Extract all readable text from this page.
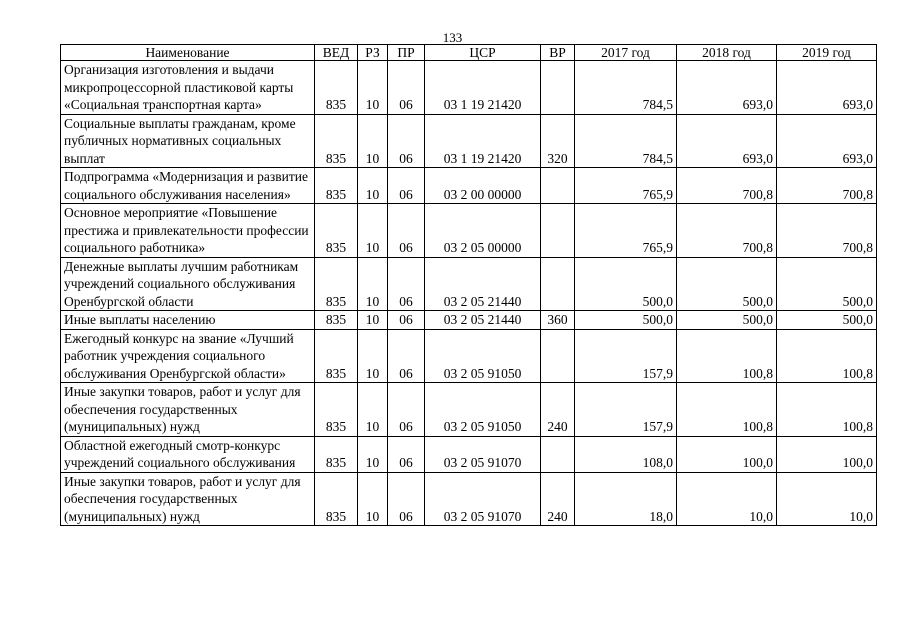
133
Наименование	ВЕД	РЗ	ПР	ЦСР	ВР	2017 год	2018 год	2019 год
Организация изготовления и выдачи микропроцессорной пластиковой карты «Социальная транспортная карта»	835	10	06	03 1 19 21420		784,5	693,0	693,0
Социальные выплаты гражданам, кроме публичных нормативных социальных выплат	835	10	06	03 1 19 21420	320	784,5	693,0	693,0
Подпрограмма «Модернизация и развитие социального обслуживания населения»	835	10	06	03 2 00 00000		765,9	700,8	700,8
Основное мероприятие «Повышение престижа и привлекательности профессии социального работника»	835	10	06	03 2 05 00000		765,9	700,8	700,8
Денежные выплаты лучшим работникам учреждений социального обслуживания Оренбургской области	835	10	06	03 2 05 21440		500,0	500,0	500,0
Иные выплаты населению	835	10	06	03 2 05 21440	360	500,0	500,0	500,0
Ежегодный конкурс на звание «Лучший работник учреждения социального обслуживания Оренбургской области»	835	10	06	03 2 05 91050		157,9	100,8	100,8
Иные закупки товаров, работ и услуг для обеспечения государственных (муниципальных) нужд	835	10	06	03 2 05 91050	240	157,9	100,8	100,8
Областной ежегодный смотр-конкурс учреждений социального обслуживания	835	10	06	03 2 05 91070		108,0	100,0	100,0
Иные закупки товаров, работ и услуг для обеспечения государственных (муниципальных) нужд	835	10	06	03 2 05 91070	240	18,0	10,0	10,0
